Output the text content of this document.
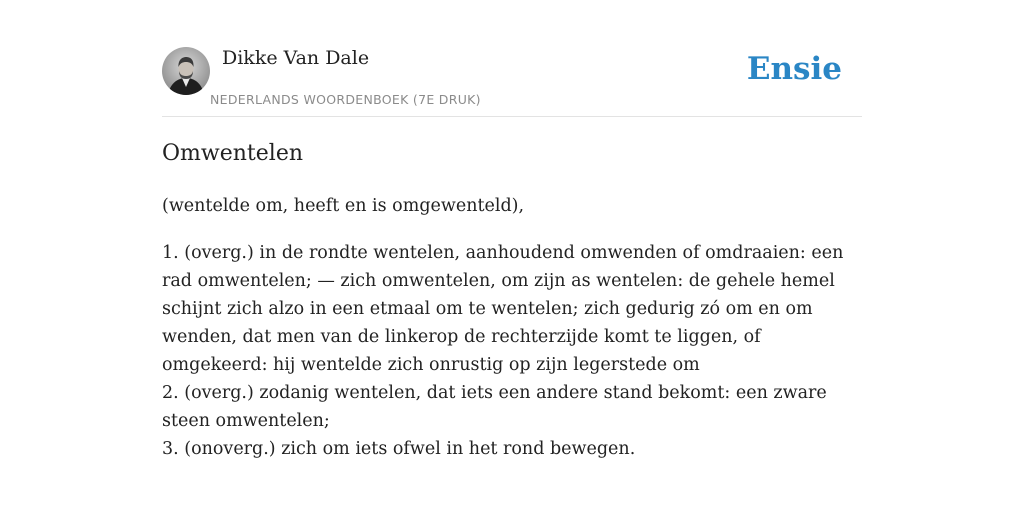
Dikke Van Dale
NEDERLANDS WOORDENBOEK (7E DRUK)
Ensie
Omwentelen
(wentelde om, heeft en is omgewenteld),
1. (overg.) in de rondte wentelen, aanhoudend omwenden of omdraaien: een rad omwentelen; — zich omwentelen, om zijn as wentelen: de gehele hemel schijnt zich alzo in een etmaal om te wentelen; zich gedurig zó om en om wenden, dat men van de linkerop de rechterzijde komt te liggen, of omgekeerd: hij wentelde zich onrustig op zijn legerstede om
2. (overg.) zodanig wentelen, dat iets een andere stand bekomt: een zware steen omwentelen;
3. (onoverg.) zich om iets ofwel in het rond bewegen.
